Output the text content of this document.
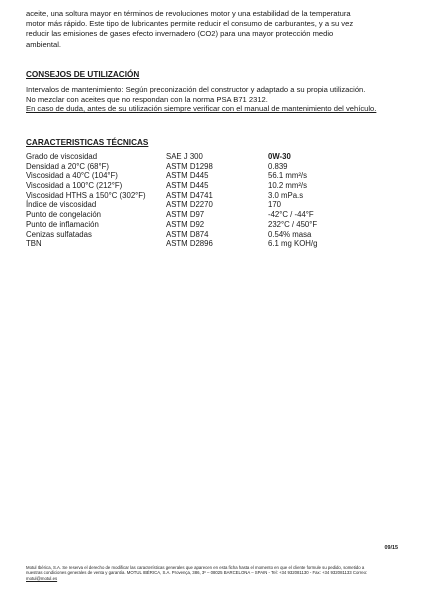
aceite, una soltura mayor en términos de revoluciones motor y una estabilidad de la temperatura
motor más rápido. Este tipo de lubricantes permite reducir el consumo de carburantes, y a su vez
reducir las emisiones de gases efecto invernadero (CO2) para una mayor protección medio
ambiental.
CONSEJOS DE UTILIZACIÓN
Intervalos de mantenimiento: Según preconización del constructor y adaptado a su propia utilización.
No mezclar con aceites que no respondan con la norma PSA B71 2312.
En caso de duda, antes de su utilización siempre verificar con el manual de mantenimiento del vehículo.
CARACTERISTICAS TÉCNICAS
Grado de viscosidad	SAE J 300	0W-30
Densidad a 20°C (68°F)	ASTM D1298	0.839
Viscosidad a 40°C (104°F)	ASTM D445	56.1 mm²/s
Viscosidad a 100°C (212°F)	ASTM D445	10.2 mm²/s
Viscosidad HTHS a 150°C (302°F)	ASTM D4741	3.0 mPa.s
Índice de viscosidad	ASTM D2270	170
Punto de congelación	ASTM D97	-42°C / -44°F
Punto de inflamación	ASTM D92	232°C / 450°F
Cenizas sulfatadas	ASTM D874	0.54% masa
TBN	ASTM D2896	6.1 mg KOH/g
09/15
Motul Ibérica, S.A. Se reserva el derecho de modificar las características generales que aparecen en esta ficha hasta el momento en que el cliente formule su pedido, sometido a
nuestras condiciones generales de venta y garantía. MOTUL IBÉRICA, S.A. Provença, 386, 3º – 08025 BARCELONA – SPAIN - Tel: +34 932081130 - Fax: +34 932081133 Correo:
motul@motul.es
